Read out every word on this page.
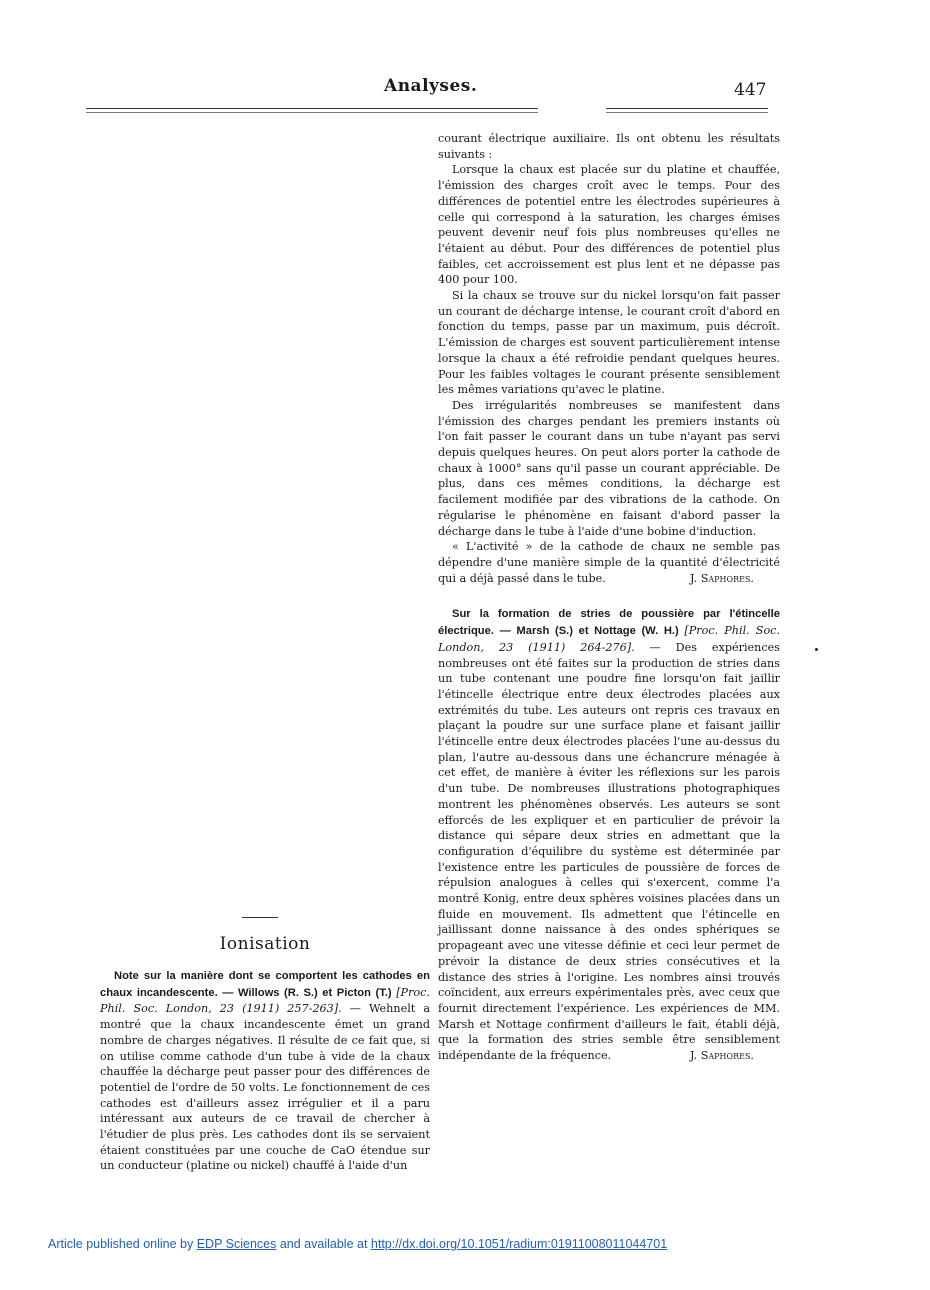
Analyses.	447

courant électrique auxiliaire. Ils ont obtenu les résultats suivants :

Lorsque la chaux est placée sur du platine et chauffée, l'émission des charges croît avec le temps. Pour des différences de potentiel entre les électrodes supérieures à celle qui correspond à la saturation, les charges émises peuvent devenir neuf fois plus nombreuses qu'elles ne l'étaient au début. Pour des différences de potentiel plus faibles, cet accroissement est plus lent et ne dépasse pas 400 pour 100.

Si la chaux se trouve sur du nickel lorsqu'on fait passer un courant de décharge intense, le courant croît d'abord en fonction du temps, passe par un maximum, puis décroît. L'émission de charges est souvent particulièrement intense lorsque la chaux a été refroidie pendant quelques heures. Pour les faibles voltages le courant présente sensiblement les mêmes variations qu'avec le platine.

Des irrégularités nombreuses se manifestent dans l'émission des charges pendant les premiers instants où l'on fait passer le courant dans un tube n'ayant pas servi depuis quelques heures. On peut alors porter la cathode de chaux à 1000° sans qu'il passe un courant appréciable. De plus, dans ces mêmes conditions, la décharge est facilement modifiée par des vibrations de la cathode. On régularise le phénomène en faisant d'abord passer la décharge dans le tube à l'aide d'une bobine d'induction.

« L'activité » de la cathode de chaux ne semble pas dépendre d'une manière simple de la quantité d'électricité qui a déjà passé dans le tube.	J. Saphores.

Sur la formation de stries de poussière par l'étincelle électrique. — Marsh (S.) et Nottage (W. H.) [Proc. Phil. Soc. London, 23 (1911) 264-276]. — Des expériences nombreuses ont été faites sur la production de stries dans un tube contenant une poudre fine lorsqu'on fait jaillir l'étincelle électrique entre deux électrodes placées aux extrémités du tube. Les auteurs ont repris ces travaux en plaçant la poudre sur une surface plane et faisant jaillir l'étincelle entre deux électrodes placées l'une au-dessus du plan, l'autre au-dessous dans une échancrure ménagée à cet effet, de manière à éviter les réflexions sur les parois d'un tube. De nombreuses illustrations photographiques montrent les phénomènes observés. Les auteurs se sont efforcés de les expliquer et en particulier de prévoir la distance qui sépare deux stries en admettant que la configuration d'équilibre du système est déterminée par l'existence entre les particules de poussière de forces de répulsion analogues à celles qui s'exercent, comme l'a montré Konig, entre deux sphères voisines placées dans un fluide en mouvement. Ils admettent que l'étincelle en jaillissant donne naissance à des ondes sphériques se propageant avec une vitesse définie et ceci leur permet de prévoir la distance de deux stries consécutives et la distance des stries à l'origine. Les nombres ainsi trouvés coïncident, aux erreurs expérimentales près, avec ceux que fournit directement l'expérience. Les expériences de MM. Marsh et Nottage confirment d'ailleurs le fait, établi déjà, que la formation des stries semble être sensiblement indépendante de la fréquence.	J. Saphores.

Ionisation

Note sur la manière dont se comportent les cathodes en chaux incandescente. — Willows (R. S.) et Picton (T.) [Proc. Phil. Soc. London, 23 (1911) 257-263]. — Wehnelt a montré que la chaux incandescente émet un grand nombre de charges négatives. Il résulte de ce fait que, si on utilise comme cathode d'un tube à vide de la chaux chauffée la décharge peut passer pour des différences de potentiel de l'ordre de 50 volts. Le fonctionnement de ces cathodes est d'ailleurs assez irrégulier et il a paru intéressant aux auteurs de ce travail de chercher à l'étudier de plus près. Les cathodes dont ils se servaient étaient constituées par une couche de CaO étendue sur un conducteur (platine ou nickel) chauffé à l'aide d'un

Article published online by EDP Sciences and available at http://dx.doi.org/10.1051/radium:01911008011044701
